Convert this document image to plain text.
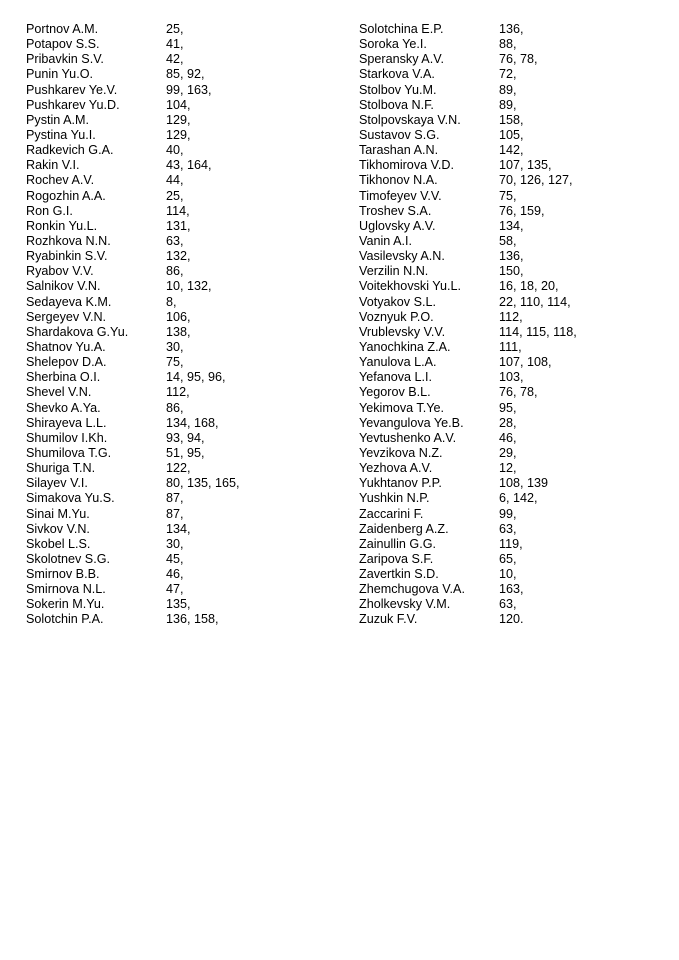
Portnov A.M.	25,
Potapov S.S.	41,
Pribavkin S.V.	42,
Punin Yu.O.	85, 92,
Pushkarev Ye.V.	99, 163,
Pushkarev Yu.D.	104,
Pystin A.M.	129,
Pystina Yu.I.	129,
Radkevich G.A.	40,
Rakin V.I.	43, 164,
Rochev A.V.	44,
Rogozhin A.A.	25,
Ron G.I.	114,
Ronkin Yu.L.	131,
Rozhkova N.N.	63,
Ryabinkin S.V.	132,
Ryabov V.V.	86,
Salnikov V.N.	10, 132,
Sedayeva K.M.	8,
Sergeyev V.N.	106,
Shardakova G.Yu.	138,
Shatnov Yu.A.	30,
Shelepov D.A.	75,
Sherbina O.I.	14, 95, 96,
Shevel V.N.	112,
Shevko A.Ya.	86,
Shirayeva L.L.	134, 168,
Shumilov I.Kh.	93, 94,
Shumilova T.G.	51, 95,
Shuriga T.N.	122,
Silayev V.I.	80, 135, 165,
Simakova Yu.S.	87,
Sinai M.Yu.	87,
Sivkov V.N.	134,
Skobel L.S.	30,
Skolotnev S.G.	45,
Smirnov B.B.	46,
Smirnova N.L.	47,
Sokerin M.Yu.	135,
Solotchin P.A.	136, 158,
Solotchina E.P.	136,
Soroka Ye.I.	88,
Speransky A.V.	76, 78,
Starkova V.A.	72,
Stolbov Yu.M.	89,
Stolbova N.F.	89,
Stolpovskaya V.N.	158,
Sustavov S.G.	105,
Tarashan A.N.	142,
Tikhomirova V.D.	107, 135,
Tikhonov N.A.	70, 126, 127,
Timofeyev V.V.	75,
Troshev S.A.	76, 159,
Uglovsky A.V.	134,
Vanin A.I.	58,
Vasilevsky A.N.	136,
Verzilin N.N.	150,
Voitekhovski Yu.L.	16, 18, 20,
Votyakov S.L.	22, 110, 114,
Voznyuk P.O.	112,
Vrublevsky V.V.	114, 115, 118,
Yanochkina Z.A.	111,
Yanulova L.A.	107, 108,
Yefanova L.I.	103,
Yegorov B.L.	76, 78,
Yekimova T.Ye.	95,
Yevangulova Ye.B.	28,
Yevtushenko A.V.	46,
Yevzikova N.Z.	29,
Yezhova A.V.	12,
Yukhtanov P.P.	108, 139
Yushkin N.P.	6, 142,
Zaccarini F.	99,
Zaidenberg A.Z.	63,
Zainullin G.G.	119,
Zaripova S.F.	65,
Zavertkin S.D.	10,
Zhemchugova V.A.	163,
Zholkevsky V.M.	63,
Zuzuk F.V.	120.
